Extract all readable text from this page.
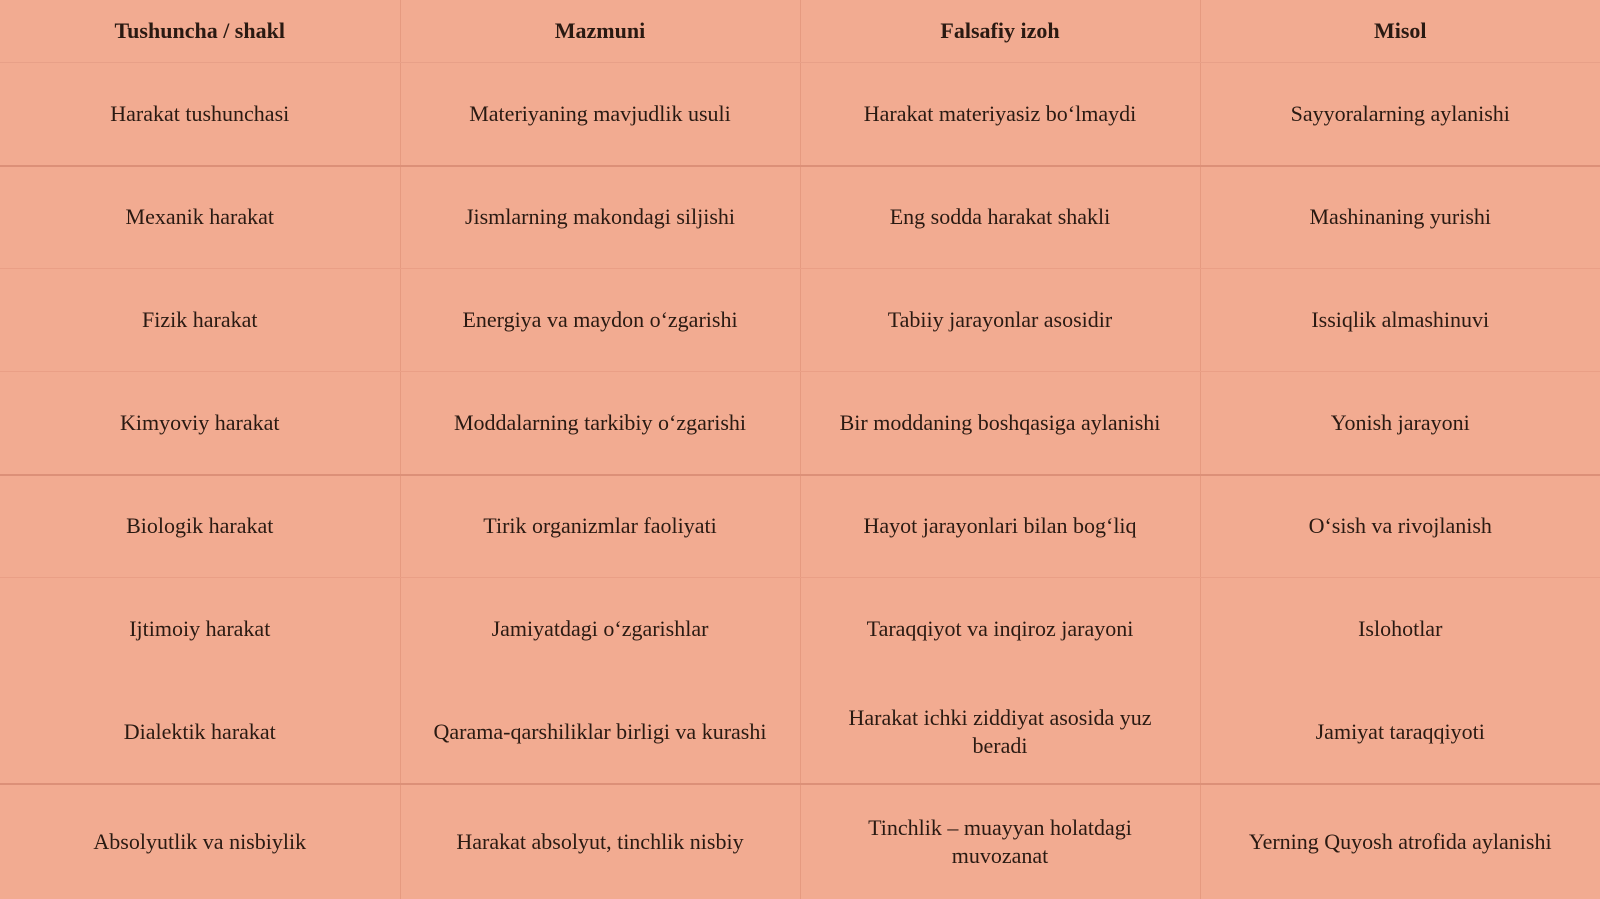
Tushuncha / shakl	Mazmuni	Falsafiy izoh	Misol
Harakat tushunchasi	Materiyaning mavjudlik usuli	Harakat materiyasiz bo‘lmaydi	Sayyoralarning aylanishi
Mexanik harakat	Jismlarning makondagi siljishi	Eng sodda harakat shakli	Mashinaning yurishi
Fizik harakat	Energiya va maydon o‘zgarishi	Tabiiy jarayonlar asosidir	Issiqlik almashinuvi
Kimyoviy harakat	Moddalarning tarkibiy o‘zgarishi	Bir moddaning boshqasiga aylanishi	Yonish jarayoni
Biologik harakat	Tirik organizmlar faoliyati	Hayot jarayonlari bilan bog‘liq	O‘sish va rivojlanish
Ijtimoiy harakat	Jamiyatdagi o‘zgarishlar	Taraqqiyot va inqiroz jarayoni	Islohotlar
Dialektik harakat	Qarama-qarshiliklar birligi va kurashi	Harakat ichki ziddiyat asosida yuz beradi	Jamiyat taraqqiyoti
Absolyutlik va nisbiylik	Harakat absolyut, tinchlik nisbiy	Tinchlik – muayyan holatdagi muvozanat	Yerning Quyosh atrofida aylanishi
